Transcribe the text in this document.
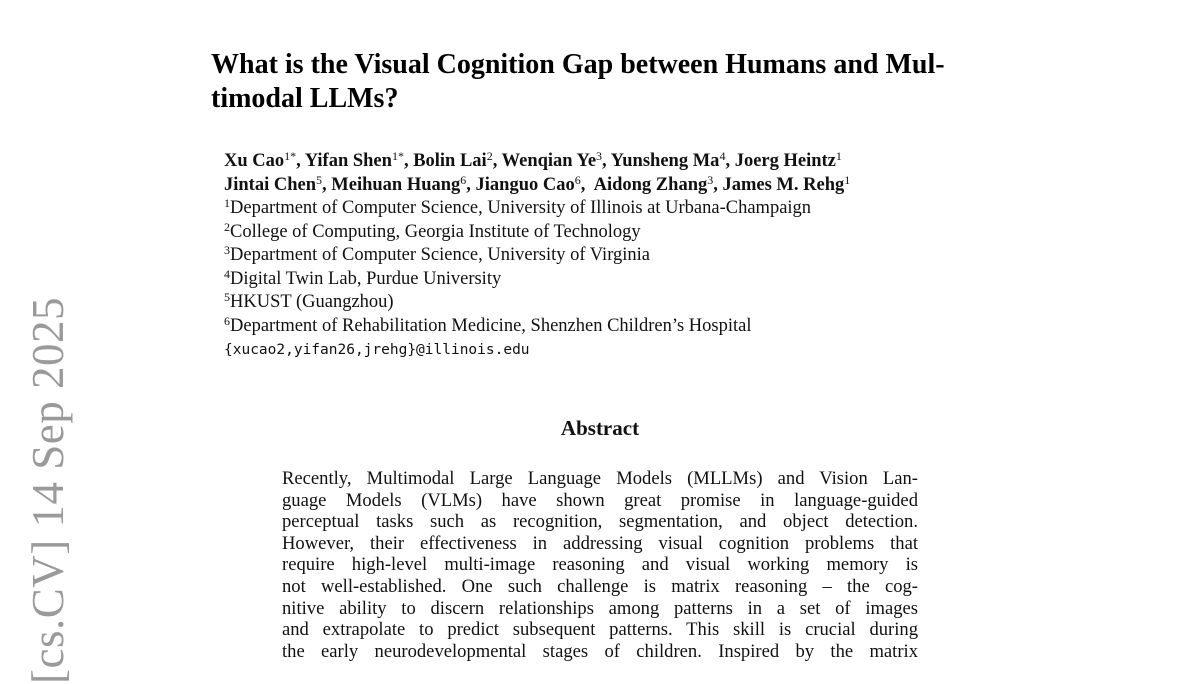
[cs.CV] 14 Sep 2025
What is the Visual Cognition Gap between Humans and Mul-
timodal LLMs?
Xu Cao$^{1*}$, Yifan Shen$^{1*}$, Bolin Lai$^2$, Wenqian Ye$^3$, Yunsheng Ma$^4$, Joerg Heintz$^1$
Jintai Chen$^5$, Meihuan Huang$^6$, Jianguo Cao$^6$,  Aidong Zhang$^3$, James M. Rehg$^1$
$^1$Department of Computer Science, University of Illinois at Urbana-Champaign
$^2$College of Computing, Georgia Institute of Technology
$^3$Department of Computer Science, University of Virginia
$^4$Digital Twin Lab, Purdue University
$^5$HKUST (Guangzhou)
$^6$Department of Rehabilitation Medicine, Shenzhen Children’s Hospital
{xucao2,yifan26,jrehg}@illinois.edu
Abstract
Recently, Multimodal Large Language Models (MLLMs) and Vision Lan-
guage Models (VLMs) have shown great promise in language-guided
perceptual tasks such as recognition, segmentation, and object detection.
However, their effectiveness in addressing visual cognition problems that
require high-level multi-image reasoning and visual working memory is
not well-established. One such challenge is matrix reasoning – the cog-
nitive ability to discern relationships among patterns in a set of images
and extrapolate to predict subsequent patterns. This skill is crucial during
the early neurodevelopmental stages of children. Inspired by the matrix
